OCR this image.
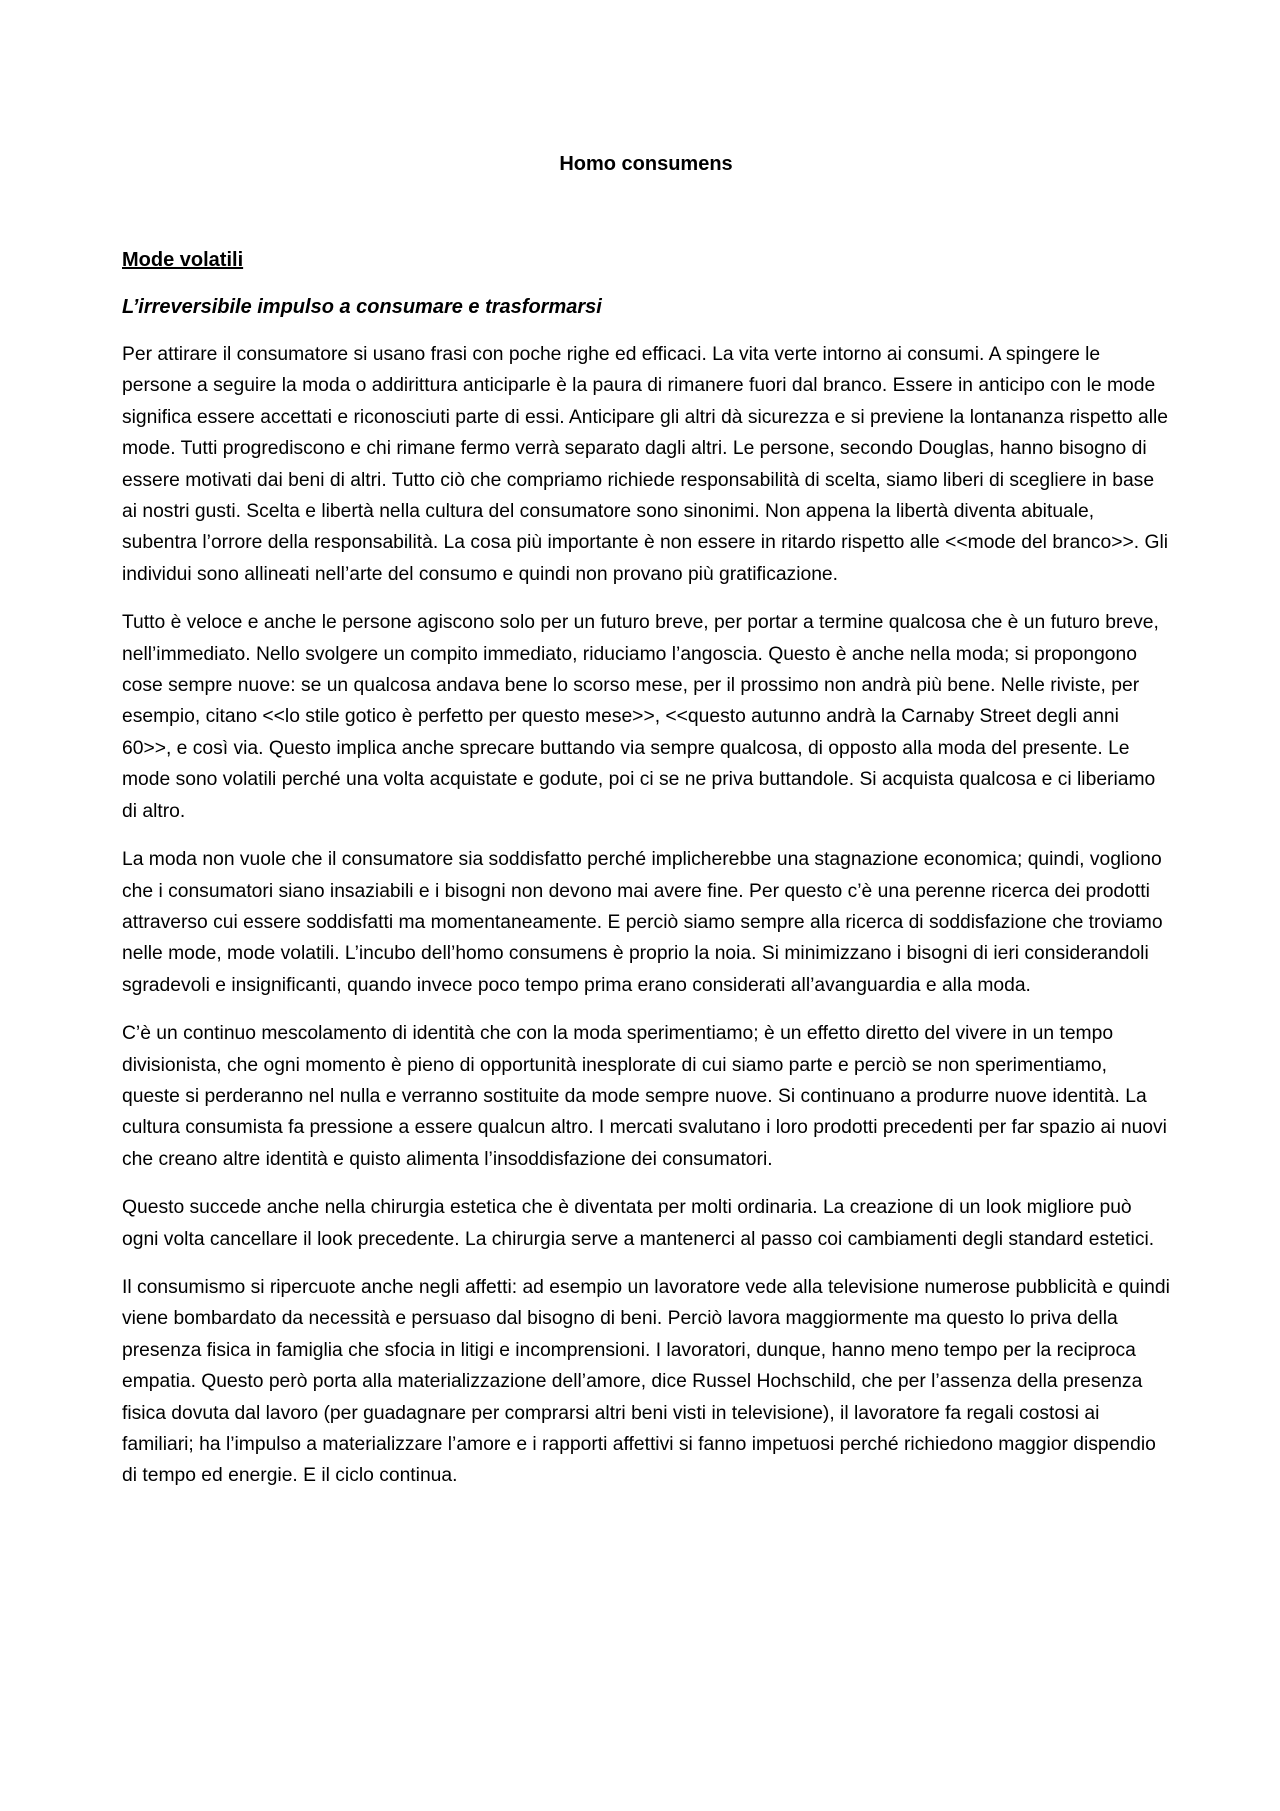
Homo consumens
Mode volatili
L’irreversibile impulso a consumare e trasformarsi

Per attirare il consumatore si usano frasi con poche righe ed efficaci. La vita verte intorno ai consumi. A spingere le persone a seguire la moda o addirittura anticiparle è la paura di rimanere fuori dal branco. Essere in anticipo con le mode significa essere accettati e riconosciuti parte di essi. Anticipare gli altri dà sicurezza e si previene la lontananza rispetto alle mode. Tutti progrediscono e chi rimane fermo verrà separato dagli altri. Le persone, secondo Douglas, hanno bisogno di essere motivati dai beni di altri. Tutto ciò che compriamo richiede responsabilità di scelta, siamo liberi di scegliere in base ai nostri gusti. Scelta e libertà nella cultura del consumatore sono sinonimi. Non appena la libertà diventa abituale, subentra l’orrore della responsabilità. La cosa più importante è non essere in ritardo rispetto alle <<mode del branco>>. Gli individui sono allineati nell’arte del consumo e quindi non provano più gratificazione.

Tutto è veloce e anche le persone agiscono solo per un futuro breve, per portar a termine qualcosa che è un futuro breve, nell’immediato. Nello svolgere un compito immediato, riduciamo l’angoscia. Questo è anche nella moda; si propongono cose sempre nuove: se un qualcosa andava bene lo scorso mese, per il prossimo non andrà più bene. Nelle riviste, per esempio, citano <<lo stile gotico è perfetto per questo mese>>, <<questo autunno andrà la Carnaby Street degli anni 60>>, e così via. Questo implica anche sprecare buttando via sempre qualcosa, di opposto alla moda del presente. Le mode sono volatili perché una volta acquistate e godute, poi ci se ne priva buttandole. Si acquista qualcosa e ci liberiamo di altro.

La moda non vuole che il consumatore sia soddisfatto perché implicherebbe una stagnazione economica; quindi, vogliono che i consumatori siano insaziabili e i bisogni non devono mai avere fine. Per questo c’è una perenne ricerca dei prodotti attraverso cui essere soddisfatti ma momentaneamente. E perciò siamo sempre alla ricerca di soddisfazione che troviamo nelle mode, mode volatili. L’incubo dell’homo consumens è proprio la noia. Si minimizzano i bisogni di ieri considerandoli sgradevoli e insignificanti, quando invece poco tempo prima erano considerati all’avanguardia e alla moda.

C’è un continuo mescolamento di identità che con la moda sperimentiamo; è un effetto diretto del vivere in un tempo divisionista, che ogni momento è pieno di opportunità inesplorate di cui siamo parte e perciò se non sperimentiamo, queste si perderanno nel nulla e verranno sostituite da mode sempre nuove. Si continuano a produrre nuove identità. La cultura consumista fa pressione a essere qualcun altro. I mercati svalutano i loro prodotti precedenti per far spazio ai nuovi che creano altre identità e quisto alimenta l’insoddisfazione dei consumatori.

Questo succede anche nella chirurgia estetica che è diventata per molti ordinaria. La creazione di un look migliore può ogni volta cancellare il look precedente. La chirurgia serve a mantenerci al passo coi cambiamenti degli standard estetici.

Il consumismo si ripercuote anche negli affetti: ad esempio un lavoratore vede alla televisione numerose pubblicità e quindi viene bombardato da necessità e persuaso dal bisogno di beni. Perciò lavora maggiormente ma questo lo priva della presenza fisica in famiglia che sfocia in litigi e incomprensioni. I lavoratori, dunque, hanno meno tempo per la reciproca empatia. Questo però porta alla materializzazione dell’amore, dice Russel Hochschild, che per l’assenza della presenza fisica dovuta dal lavoro (per guadagnare per comprarsi altri beni visti in televisione), il lavoratore fa regali costosi ai familiari; ha l’impulso a materializzare l’amore e i rapporti affettivi si fanno impetuosi perché richiedono maggior dispendio di tempo ed energie. E il ciclo continua.
